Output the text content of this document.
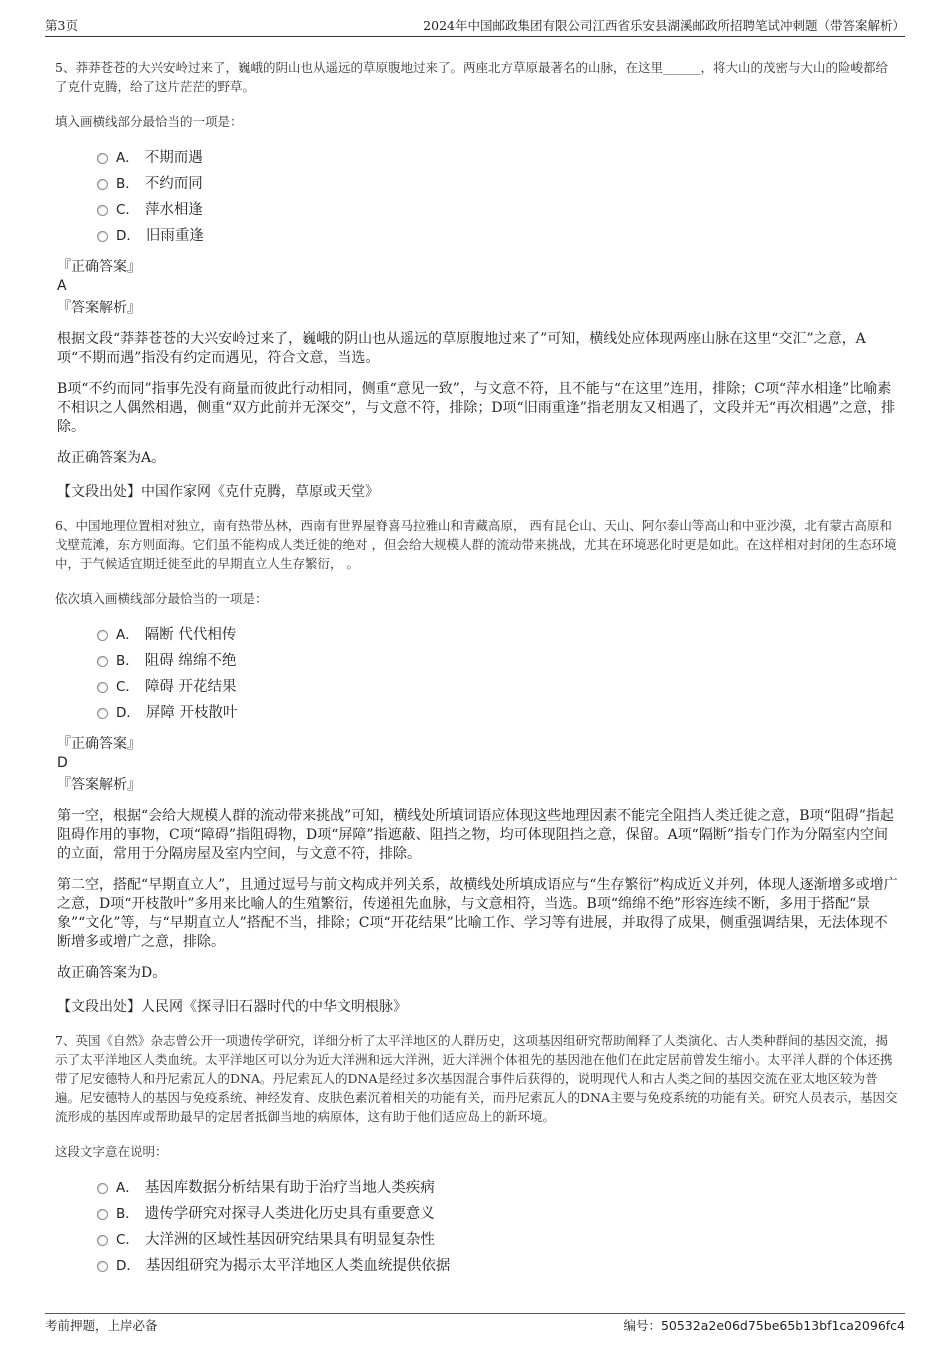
第3页	2024年中国邮政集团有限公司江西省乐安县湖溪邮政所招聘笔试冲刺题（带答案解析）

5、莽莽苍苍的大兴安岭过来了，巍峨的阴山也从遥远的草原腹地过来了。两座北方草原最著名的山脉，在这里______，将大山的茂密与大山的险峻都给了克什克腾，给了这片茫茫的野草。

填入画横线部分最恰当的一项是：

A． 不期而遇
B． 不约而同
C． 萍水相逢
D． 旧雨重逢
『正确答案』
A
『答案解析』

根据文段“莽莽苍苍的大兴安岭过来了，巍峨的阴山也从遥远的草原腹地过来了”可知，横线处应体现两座山脉在这里“交汇”之意，A项“不期而遇”指没有约定而遇见，符合文意，当选。

B项“不约而同”指事先没有商量而彼此行动相同，侧重“意见一致”，与文意不符，且不能与“在这里”连用，排除；C项“萍水相逢”比喻素不相识之人偶然相遇，侧重“双方此前并无深交”，与文意不符，排除；D项“旧雨重逢”指老朋友又相遇了，文段并无“再次相遇”之意，排除。

故正确答案为A。

【文段出处】中国作家网《克什克腾，草原或天堂》

6、中国地理位置相对独立，南有热带丛林，西南有世界屋脊喜马拉雅山和青藏高原， 西有昆仑山、天山、阿尔泰山等高山和中亚沙漠，北有蒙古高原和戈壁荒滩，东方则面海。它们虽不能构成人类迁徙的绝对 ，但会给大规模人群的流动带来挑战，尤其在环境恶化时更是如此。在这样相对封闭的生态环境中，于气候适宜期迁徙至此的早期直立人生存繁衍， 。

依次填入画横线部分最恰当的一项是：

A． 隔断 代代相传
B． 阻碍 绵绵不绝
C． 障碍 开花结果
D． 屏障 开枝散叶
『正确答案』
D
『答案解析』

第一空，根据“会给大规模人群的流动带来挑战”可知，横线处所填词语应体现这些地理因素不能完全阻挡人类迁徙之意，B项“阻碍”指起阻碍作用的事物，C项“障碍”指阻碍物，D项“屏障”指遮蔽、阻挡之物，均可体现阻挡之意，保留。A项“隔断”指专门作为分隔室内空间的立面，常用于分隔房屋及室内空间，与文意不符，排除。

第二空，搭配“早期直立人”，且通过逗号与前文构成并列关系，故横线处所填成语应与“生存繁衍”构成近义并列，体现人逐渐增多或增广之意，D项“开枝散叶”多用来比喻人的生殖繁衍，传递祖先血脉，与文意相符，当选。B项“绵绵不绝”形容连续不断，多用于搭配“景象”“文化”等，与“早期直立人”搭配不当，排除；C项“开花结果”比喻工作、学习等有进展，并取得了成果，侧重强调结果，无法体现不断增多或增广之意，排除。

故正确答案为D。

【文段出处】人民网《探寻旧石器时代的中华文明根脉》

7、英国《自然》杂志曾公开一项遗传学研究，详细分析了太平洋地区的人群历史，这项基因组研究帮助阐释了人类演化、古人类种群间的基因交流，揭示了太平洋地区人类血统。太平洋地区可以分为近大洋洲和远大洋洲，近大洋洲个体祖先的基因池在他们在此定居前曾发生缩小。太平洋人群的个体还携带了尼安德特人和丹尼索瓦人的DNA。丹尼索瓦人的DNA是经过多次基因混合事件后获得的，说明现代人和古人类之间的基因交流在亚太地区较为普遍。尼安德特人的基因与免疫系统、神经发育、皮肤色素沉着相关的功能有关，而丹尼索瓦人的DNA主要与免疫系统的功能有关。研究人员表示，基因交流形成的基因库或帮助最早的定居者抵御当地的病原体，这有助于他们适应岛上的新环境。

这段文字意在说明：

A． 基因库数据分析结果有助于治疗当地人类疾病
B． 遗传学研究对探寻人类进化历史具有重要意义
C． 大洋洲的区域性基因研究结果具有明显复杂性
D． 基因组研究为揭示太平洋地区人类血统提供依据
考前押题，上岸必备	编号：50532a2e06d75be65b13bf1ca2096fc4
